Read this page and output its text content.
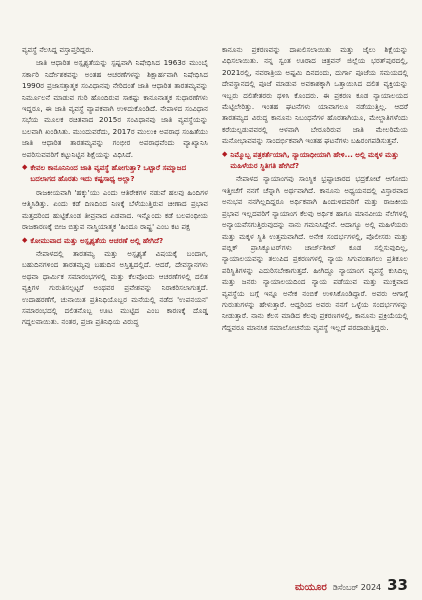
ವ್ಯವಸ್ಥೆ ನೆಲಸಿದ್ದ ವಸ್ತಾಪ್ತರಿದ್ದರು.

ಜಾತಿ ಆಧಾರಿತ ಅಸ್ಪೃಶ್ಯತೆಯನ್ನು ಸ್ಪಷ್ಟವಾಗಿ ನಿಷೇಧಿಸಿದ 1963ರ ಮುಂಬೈ ಸರ್ಕಾರಿ ನಿರ್ದೇಶಕವನ್ನು ಅಂತಹ ಆಚರಣೆಗಳನ್ನು ಶಿಕ್ಷಾರ್ಹವಾಗಿ ನಿಷೇಧಿಸಿದ 1990ರ ಪ್ರಜಾಸತ್ತಾತ್ಮಕ ಸಂವಿಧಾನವು ನೇರಿದಂತೆ ಜಾತಿ ಆಧಾರಿತ ತಾರತಮ್ಯವನ್ನು ನಿರ್ಮೂಲನೆ ಮಾಡುವ ಗುರಿ ಹೊಂದಿರುವ ಸಾಕಷ್ಟು ಕಾನೂನಾತ್ಮಕ ಸುಧಾರಣೆಗಳು ಇದ್ದರೂ, ಈ ಜಾತಿ ವ್ಯವಸ್ಥೆ ವ್ಯಾಪಕವಾಗಿ ಉಳಿದುಕೊಂಡಿದೆ. ನೇಪಾಳದ ಸಂವಿಧಾನ ಸಭೆಯ ಮೂಲಕ ರಚಿತವಾದ 2015ರ ಸಂವಿಧಾನವು ಜಾತಿ ವ್ಯವಸ್ಥೆಯನ್ನು ಬಲವಾಗಿ ಖಂಡಿಸಿತು. ಮುಂದುವರೆದು, 2017ರ ಮುಲುಕಿ ಅಪರಾಧ ಸಂಹಿತೆಯು ಜಾತಿ ಆಧಾರಿತ ತಾರತಮ್ಯವನ್ನು ಗಂಭೀರ ಅಪರಾಧವೆಂದು ವ್ಯಾಖ್ಯಾನಿಸಿ ಅಪರಿಸುವವರಿಗೆ ಕಟ್ಟುನಿಟ್ಟಿನ ಶಿಕ್ಷೆಯನ್ನು ವಿಧಿಸಿದೆ.

◆ ಕೇವಲ ಕಾನೂನಿನಿಂದ ಜಾತಿ ವ್ಯವಸ್ಥೆ ಹೋಗುತ್ತಾ? ಒಟ್ಟಾರೆ ಸಮ್ಮಾಜದ ಬದಲಾಗದ ಹೊರತು ಇದು ಕಷ್ಟಸಾಧ್ಯ ಅಲ್ಲಾ?

ರಾಜಕೀಯವಾಗಿ 'ಹಕ್ಕು'ಯು ಎಂದು ಆತಿರೇಕಗಳ ನಡುವೆ ಹಲವು ಹಿಂದಿಗಳ ಆತ್ಮಿಸಿಡಿತ್ತು. ಏಂದು ಕಡೆ ದಿಣದಿಂದ ನಿಣಕ್ಕೆ ಬೆಳೆಯುತ್ತಿರುವ ಚೀಣಾದ ಪ್ರಭಾವ ಮತ್ತದರಿಂದ ಹುಟ್ಟಿಕೊಂಡ ತೀವ್ರವಾದ ಏಡವಾದ. ಇನ್ನೊಂದು ಕಡೆ ಬಲಪಂಥೀಯ ರಾಜಕಾರಣಕ್ಕೆ ಬೀಜ ಬಿತ್ತುವ ನಾಸ್ತ್ರಿಯಾತ್ಮಕ 'ಹಿಂದೂ ರಾಷ್ಟ್ರ' ಎಂಬ ಕಟ ಪಕ್ಷ

◆ ಕೋಮುವಾದ ಮತ್ತು ಅಸ್ಪೃಶ್ಯತೆಯ ಆಚರಣೆ ಅಲ್ಲಿ ಹೇಗಿದೆ?

ನೇಪಾಳದಲ್ಲಿ ತಾರತಮ್ಯ ಮತ್ತು ಅಸ್ಪೃಶ್ಯತೆ ವಿಷಯಕ್ಕೆ ಬಂದಾಗ, ಬಹುದಿನಗಳಿಂದ ತಾರತಮ್ಯವು ಬಹುದಿನ ಅಸ್ತಿತ್ವದಲ್ಲಿದೆ. ಆದರೆ, ದೇವಸ್ಥಾನಗಳು ಅಥವಾ ಧಾರ್ಮಿಕ ಸಮಾರಂಭಗಳಲ್ಲಿ ಮತ್ತು ಕೆಲವೊಂದು ಆಚರಣೆಗಳಲ್ಲಿ ದಲಿತ ವ್ಯಕ್ತಿಗಳ ಗುರುತಿಸಲ್ಪಟ್ಟರೆ ಅಂಥವರ ಪ್ರವೇಶವನ್ನು ನಿರಾಕರಿಸಲಾಗುತ್ತದೆ. ಉದಾಹರಣೆಗೆ, ಚುನಾಯಿತ ಪ್ರತಿನಿಧಿಯೊಬ್ಬರ ಮನೆಯಲ್ಲಿ ನಡೆದ 'ಉಪನಯನ' ಸಮಾರಂಭದಲ್ಲಿ ದಲಿತನೊಬ್ಬ ಊಟ ಮುಟ್ಟಿದ ಎಂಬ ಕಾರಣಕ್ಕೆ ದೊಡ್ಡ ಗದ್ದಲವಾಯಿತು. ನಂತರ, ಪ್ರಜಾ ಪ್ರತಿನಿಧಿಯ ವಿರುದ್ಧ

ಕಾನೂನು ಪ್ರಕರಣವನ್ನು ದಾಖಲಿಸಲಾಯಿತು ಮತ್ತು ಜೈಲು ಶಿಕ್ಷೆಯನ್ನು ವಿಧಿಸಲಾಯಿತು. ನನ್ನ ಸ್ವಂತ ಊರಾದ ಚಿತ್ರವನ್ ಜಿಲ್ಲೆಯ ಭರತ್‌ಪುರದಲ್ಲಿ, 2021ರಲ್ಲಿ, ನವರಾತ್ರಿಯ ಅಷ್ಟಮಿ ದಿನದಂದು, ದುರ್ಗಾ ಪೂಜೆಯ ಸಮಯದಲ್ಲಿ ದೇವಸ್ಥಾನದಲ್ಲಿ ಪೂಜೆ ಮಾಡುವ ಅವಕಾಶಕ್ಕಾಗಿ ಒತ್ತಾಯಿಸಿದ ದಲಿತ ವ್ಯಕ್ತಿಯನ್ನು ಇಬ್ಬರು ದಲಿತೇತರರು ಥಳಿಸಿ ಕೊಂದರು. ಈ ಪ್ರಕರಣ ಕೂಡ ನ್ಯಾಯಾಲಯದ ಮೆಟ್ಟಿಲೇರಿತ್ತು. ಇಂತಹ ಘಟನೆಗಳು ಯಾವಾಗಲೂ ನಡೆಯುತ್ತಿಲ್ಲ. ಆದರೆ ತಾರತಮ್ಯದ ವಿರುದ್ಧ ಕಾನೂನು ನಿಬಂಧನೆಗಳ ಹೊರತಾಗಿಯೂ, ಮೇಲ್ಜಾತಿಗಳೆಂದು ಕರೆಯಲ್ಪಡುವವರಲ್ಲಿ ಆಳವಾಗಿ ಬೇರೂರಿರುವ ಜಾತಿ ಮೇಲರಿಮೆಯ ಮನೋಭಾವವನ್ನು ಸಾಂದರ್ಭಿಕವಾಗಿ ಇಂತಹ ಘಟನೆಗಳು ಬಹಿರಂಗಪಡಿಸುತ್ತವೆ.

◆ ನಿಮ್ಮೊಬ್ಬ ಪತ್ರಕರ್ತೆಯಾಗಿ, ನ್ಯಾಯಾಧೀಯಾಗಿ ಹೇಳಿ... ಅಲ್ಲಿ ಮಕ್ಕಳ ಮತ್ತು ಮಹಿಳೆಯರ ಸ್ಥಿತಿಗತಿ ಹೇಗಿದೆ?

ನೇಪಾಳದ ನ್ಯಾಯಾಂಗವು ಸಾಂಸ್ಥಿಕ ಭ್ರಷ್ಟಾಚಾರದ ಭದ್ರಕೋಟೆ ಆಗೋದು ಇತ್ತೀಚೆಗೆ ನನಗೆ ಚೆನ್ನಾಗಿ ಅರ್ಥವಾಗಿದೆ. ಕಾನೂನು ಅಧ್ಯಯನದಲ್ಲಿ ವಿಸ್ತಾರವಾದ ಅನುಭವ ನನಗಿಲ್ಲದಿದ್ದರೂ ಅರ್ಥಿಕವಾಗಿ ಹಿಂದುಳಿದವರಿಗೆ ಮತ್ತು ರಾಜಕೀಯ ಪ್ರಭಾವ ಇಲ್ಲದವರಿಗೆ ನ್ಯಾಯಾಂಗ ಕೆಲವು ಅರ್ಥಿಕ ಹಾಗೂ ಮಾನವೀಯ ನೆಲೆಗಳಲ್ಲಿ ಅನ್ಯಾಯವೆಸಗುತ್ತಿರುವುದನ್ನು ನಾನು ಗಮನಿಸಿದ್ದೇನೆ. ಆದಾಗ್ಯೂ ಅಲ್ಲಿ ಮಹಿಳೆಯರು ಮತ್ತು ಮಕ್ಕಳ ಸ್ಥಿತಿ ಉತ್ತಮವಾಗಿದೆ. ಅನೇಕ ಸಂದರ್ಭಗಳಲ್ಲಿ, ಪೊಲೀಸರು ಮತ್ತು ಪಬ್ಲಿಕ್ ಪ್ರಾಸಿಕ್ಯೂಟರ್‌ಗಳು ಚಾರ್ಜ್‌ಶೀಟ್ ಕೂಡ ಸಲ್ಲಿಸುವುದಿಲ್ಲ, ನ್ಯಾಯಾಲಯವನ್ನು ತಲುಪಿದ ಪ್ರಕರಣಗಳಲ್ಲಿ ನ್ಯಾಯ ಸಿಗುವಂತಾಗಲು ಪ್ರತಿಕೂಲ ಪರಿಸ್ಥಿತಿಗಳನ್ನು ಎದುರಿಸಬೇಕಾಗುತ್ತದೆ. ಹೀಗಿದ್ದೂ ನ್ಯಾಯಾಂಗ ವ್ಯವಸ್ಥೆ ಕುಸಿದಿಲ್ಲ ಮತ್ತು ಜನರು ನ್ಯಾಯಾಲಯದಿಂದ ನ್ಯಾಯ ಪಡೆಯುವ ಮತ್ತು ಮುಕ್ತವಾದ ವ್ಯವಸ್ಥೆಯ ಬಗ್ಗೆ ಇನ್ನೂ ಅನೇಕ ನಂಬಿಕೆ ಉಳಿಸಿಕೊಂಡಿದ್ದಾರೆ. ಅವರು ಆಗಾಗ್ಗೆ ಗುರುತುಗಳನ್ನು ಹೇಳುತ್ತಾರೆ. ಆದ್ದರಿಂದ ಅವರು ನನಗೆ ಒಳ್ಳೆಯ ಸಂದರ್ಭಗಳನ್ನು ನೀಡುತ್ತಾರೆ. ನಾನು ಕೆಲಸ ಮಾಡಿದ ಕೆಲವು ಪ್ರಕರಣಗಳಲ್ಲಿ, ಕಾನೂನು ಪ್ರಕ್ರಿಯೆಯಲ್ಲಿ ಗೆದ್ದವರೂ ಮಾನಸಿಕ ಸಮಾಲೋಚನೆಯ ವ್ಯವಸ್ಥೆ ಇಲ್ಲದೆ ಪರದಾಡುತ್ತಿದ್ದರು.

ಮಯೂರ ಡಿಸೆಂಬರ್ 2024 33
